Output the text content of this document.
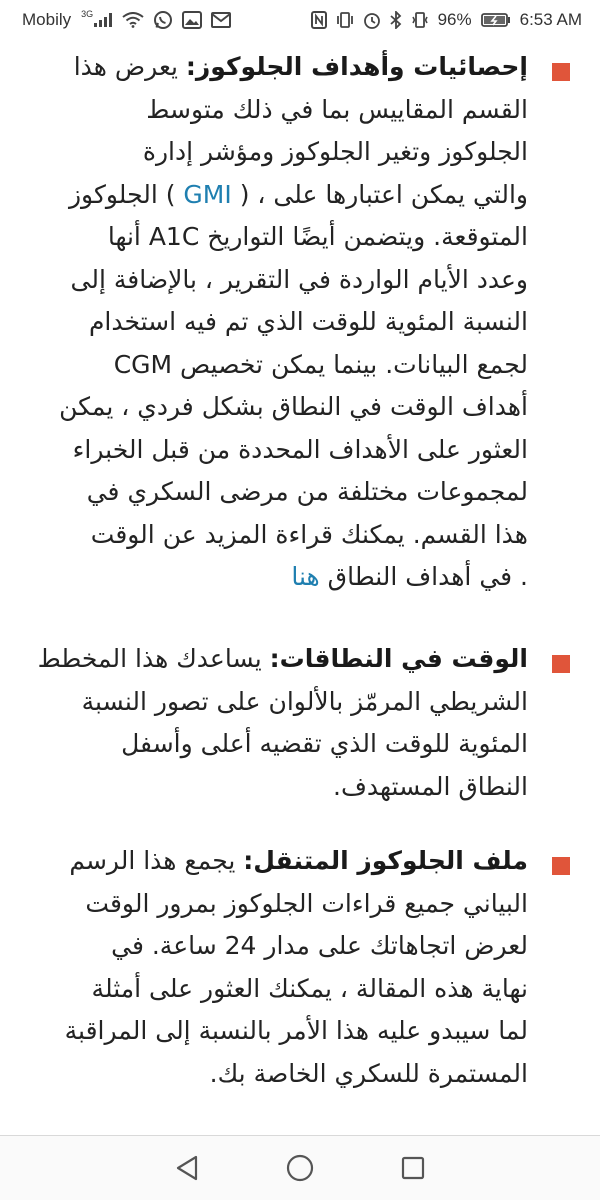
Mobily 3G	96%	6:53 AM

إحصائيات وأهداف الجلوكوز: يعرض هذا
القسم المقاييس بما في ذلك متوسط
الجلوكوز وتغير الجلوكوز ومؤشر إدارة
والتي يمكن اعتبارها على ، ( GMI ) الجلوكوز
المتوقعة. ويتضمن أيضًا التواريخ A1C أنها
وعدد الأيام الواردة في التقرير ، بالإضافة إلى
النسبة المئوية للوقت الذي تم فيه استخدام
لجمع البيانات. بينما يمكن تخصيص CGM
أهداف الوقت في النطاق بشكل فردي ، يمكن
العثور على الأهداف المحددة من قبل الخبراء
لمجموعات مختلفة من مرضى السكري في
هذا القسم. يمكنك قراءة المزيد عن الوقت
. في أهداف النطاق هنا

الوقت في النطاقات: يساعدك هذا المخطط
الشريطي المرمّز بالألوان على تصور النسبة
المئوية للوقت الذي تقضيه أعلى وأسفل
النطاق المستهدف.

ملف الجلوكوز المتنقل: يجمع هذا الرسم
البياني جميع قراءات الجلوكوز بمرور الوقت
لعرض اتجاهاتك على مدار 24 ساعة. في
نهاية هذه المقالة ، يمكنك العثور على أمثلة
لما سيبدو عليه هذا الأمر بالنسبة إلى المراقبة
المستمرة للسكري الخاصة بك.
